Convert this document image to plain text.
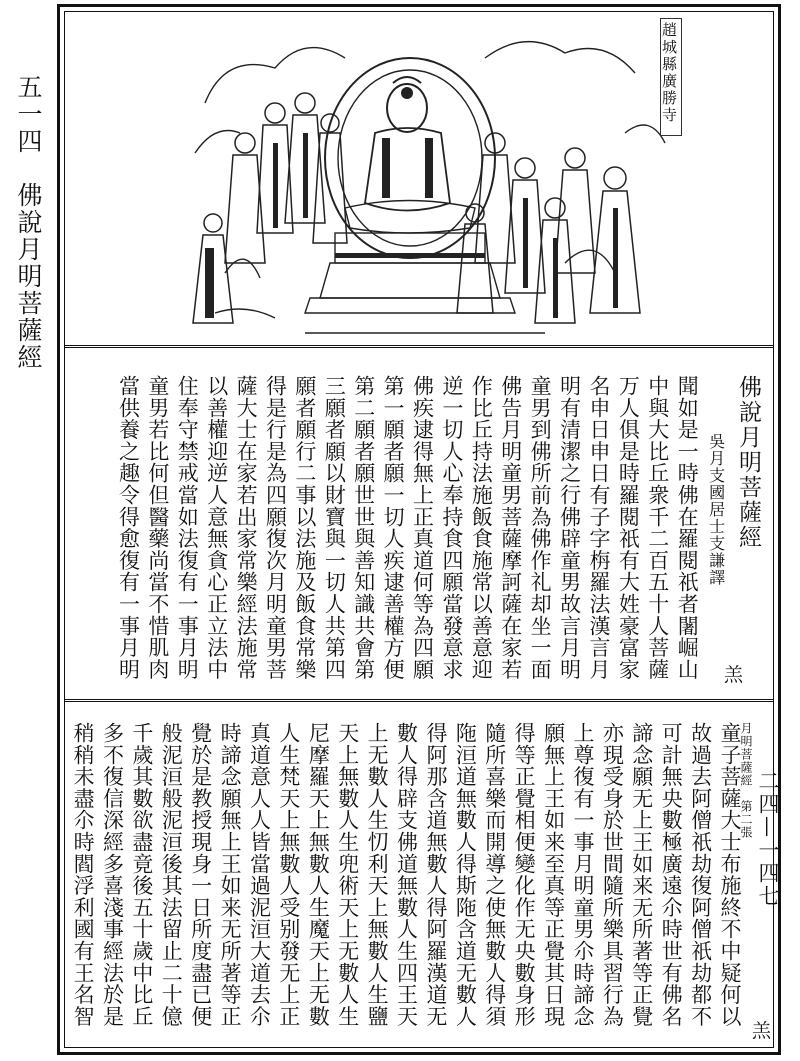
五一四　佛說月明菩薩經
二四—一四七
趙城縣廣勝寺
佛說月明菩薩經
吳月支國居士支謙譯
聞如是一時佛在羅閱祇者闍崛山
中與大比丘衆千二百五十人菩薩
万人俱是時羅閱祇有大姓豪富家
名申日申日有子字栴羅法漢言月
明有清潔之行佛辟童男故言月明
童男到佛所前為佛作礼却坐一面
佛告月明童男菩薩摩訶薩在家若
作比丘持法施飯食施常以善意迎
逆一切人心奉持食四願當發意求
佛疾逮得無上正真道何等為四願
第一願者願一切人疾逮善權方便
第二願者願世世與善知識共會第
三願者願以財寶與一切人共第四
願者願行二事以法施及飯食常樂
得是行是為四願復次月明童男菩
薩大士在家若出家常樂經法施常
以善權迎逆人意無貪心正立法中
住奉守禁戒當如法復有一事月明
童男若比何但醫藥尚當不惜肌肉
當供養之趣令得愈復有一事月明	羔
月明菩薩經　第二張
童子菩薩大士布施終不中疑何以
故過去阿僧祇劫復阿僧祇劫都不
可計無央數極廣遠尒時世有佛名
諦念願无上王如来无所著等正覺
亦現受身於世間隨所樂具習行為
上尊復有一事月明童男尒時諦念
願無上王如来至真等正覺其日現
得等正覺相便變化作无央數身形
隨所喜樂而開導之使無數人得須
陁洹道無數人得斯陁含道无數人
得阿那含道無數人得阿羅漢道无
數人得辟支佛道無數人生四王天
上无數人生忉利天上無數人生鹽
天上無數人生兜術天上无數人生
尼摩羅天上無數人生魔天上无數
人生梵天上無數人受别發无上正
真道意人人皆當過泥洹大道去尒
時諦念願無上王如来无所著等正
覺於是教授現身一日所度盡已便
般泥洹般泥洹後其法留止二十億
千歲其數欲盡竟後五十歲中比丘
多不復信深經多喜淺事經法於是
稍稍未盡尒時閻浮利國有王名智
羔
